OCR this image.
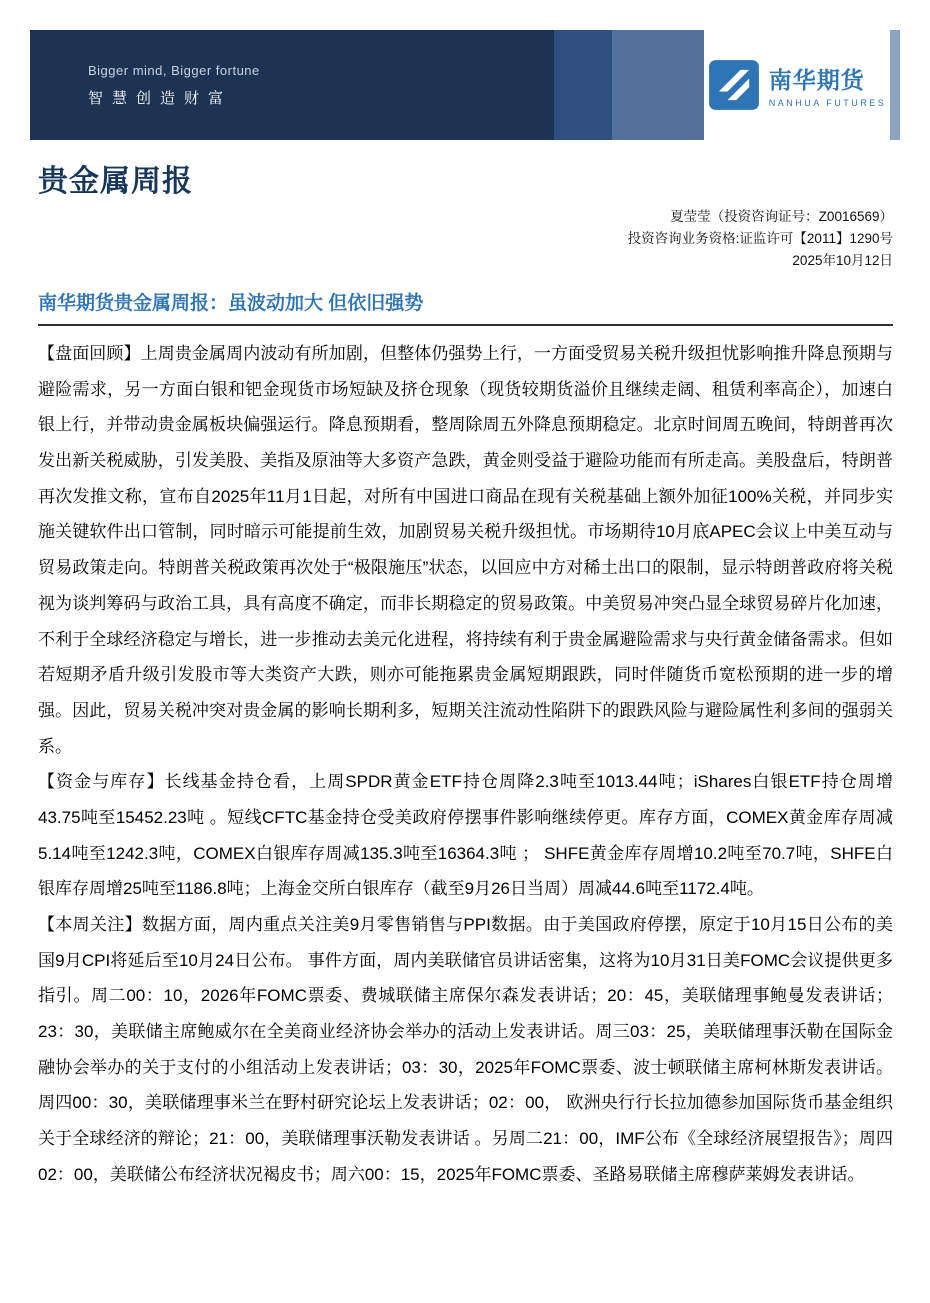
Bigger mind, Bigger fortune
智慧创造财富
南华期货
NANHUA FUTURES
贵金属周报
夏莹莹（投资咨询证号：Z0016569）
投资咨询业务资格:证监许可【2011】1290号
2025年10月12日
南华期货贵金属周报：虽波动加大 但依旧强势

【盘面回顾】上周贵金属周内波动有所加剧，但整体仍强势上行，一方面受贸易关税升级担忧影响推升降息预期与避险需求，另一方面白银和钯金现货市场短缺及挤仓现象（现货较期货溢价且继续走阔、租赁利率高企），加速白银上行，并带动贵金属板块偏强运行。降息预期看，整周除周五外降息预期稳定。北京时间周五晚间，特朗普再次发出新关税威胁，引发美股、美指及原油等大多资产急跌，黄金则受益于避险功能而有所走高。美股盘后，特朗普再次发推文称，宣布自2025年11月1日起，对所有中国进口商品在现有关税基础上额外加征100%关税，并同步实施关键软件出口管制，同时暗示可能提前生效，加剧贸易关税升级担忧。市场期待10月底APEC会议上中美互动与贸易政策走向。特朗普关税政策再次处于“极限施压”状态，以回应中方对稀土出口的限制，显示特朗普政府将关税视为谈判筹码与政治工具，具有高度不确定，而非长期稳定的贸易政策。中美贸易冲突凸显全球贸易碎片化加速，不利于全球经济稳定与增长，进一步推动去美元化进程，将持续有利于贵金属避险需求与央行黄金储备需求。但如若短期矛盾升级引发股市等大类资产大跌，则亦可能拖累贵金属短期跟跌，同时伴随货币宽松预期的进一步的增强。因此，贸易关税冲突对贵金属的影响长期利多，短期关注流动性陷阱下的跟跌风险与避险属性利多间的强弱关系。

【资金与库存】长线基金持仓看，上周SPDR黄金ETF持仓周降2.3吨至1013.44吨；iShares白银ETF持仓周增43.75吨至15452.23吨 。短线CFTC基金持仓受美政府停摆事件影响继续停更。库存方面，COMEX黄金库存周减5.14吨至1242.3吨，COMEX白银库存周减135.3吨至16364.3吨 ； SHFE黄金库存周增10.2吨至70.7吨，SHFE白银库存周增25吨至1186.8吨；上海金交所白银库存（截至9月26日当周）周减44.6吨至1172.4吨。

【本周关注】数据方面，周内重点关注美9月零售销售与PPI数据。由于美国政府停摆，原定于10月15日公布的美国9月CPI将延后至10月24日公布。 事件方面，周内美联储官员讲话密集，这将为10月31日美FOMC会议提供更多指引。周二00：10，2026年FOMC票委、费城联储主席保尔森发表讲话；20：45，美联储理事鲍曼发表讲话； 23：30，美联储主席鲍威尔在全美商业经济协会举办的活动上发表讲话。周三03：25，美联储理事沃勒在国际金融协会举办的关于支付的小组活动上发表讲话；03：30，2025年FOMC票委、波士顿联储主席柯林斯发表讲话。周四00：30，美联储理事米兰在野村研究论坛上发表讲话；02：00， 欧洲央行行长拉加德参加国际货币基金组织关于全球经济的辩论；21：00，美联储理事沃勒发表讲话 。另周二21：00，IMF公布《全球经济展望报告》；周四02：00，美联储公布经济状况褐皮书；周六00：15，2025年FOMC票委、圣路易联储主席穆萨莱姆发表讲话。
